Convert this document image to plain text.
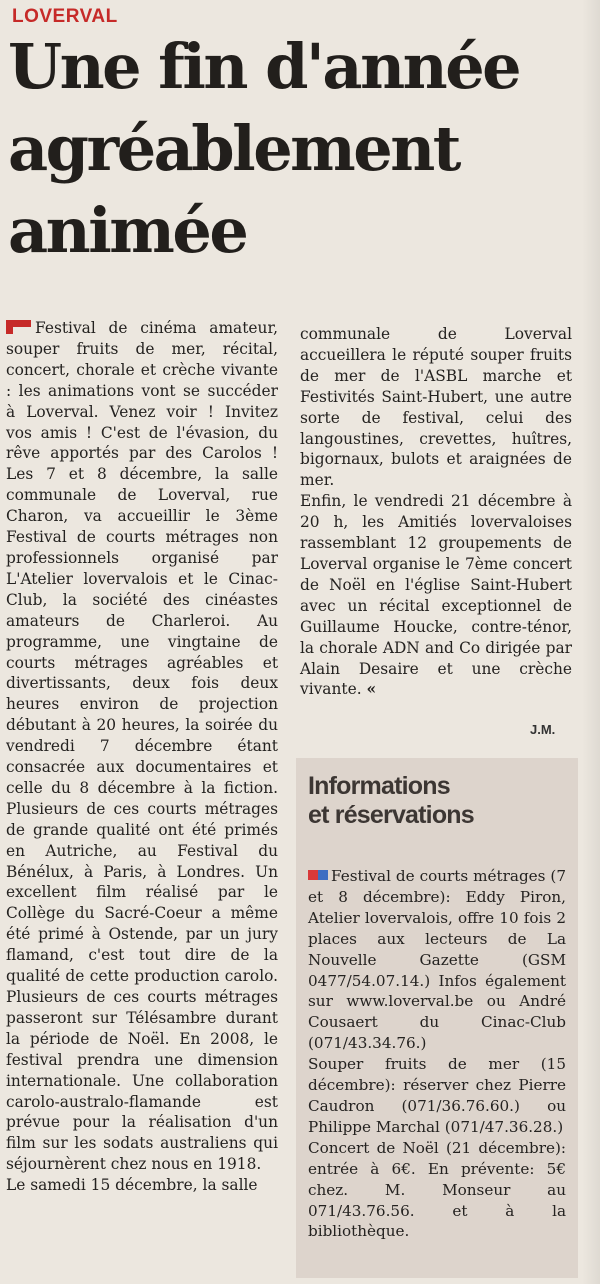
LOVERVAL
Une fin d'année
agréablement
animée

Festival de cinéma amateur, souper fruits de mer, récital, concert, chorale et crèche vivante : les animations vont se succéder à Loverval. Venez voir ! Invitez vos amis ! C'est de l'évasion, du rêve apportés par des Carolos ! Les 7 et 8 décembre, la salle communale de Loverval, rue Charon, va accueillir le 3ème Festival de courts métrages non professionnels organisé par L'Atelier lovervalois et le Cinac-Club, la société des cinéastes amateurs de Charleroi. Au programme, une vingtaine de courts métrages agréables et divertissants, deux fois deux heures environ de projection débutant à 20 heures, la soirée du vendredi 7 décembre étant consacrée aux documentaires et celle du 8 décembre à la fiction. Plusieurs de ces courts métrages de grande qualité ont été primés en Autriche, au Festival du Bénélux, à Paris, à Londres. Un excellent film réalisé par le Collège du Sacré-Coeur a même été primé à Ostende, par un jury flamand, c'est tout dire de la qualité de cette production carolo. Plusieurs de ces courts métrages passeront sur Télésambre durant la période de Noël. En 2008, le festival prendra une dimension internationale. Une collaboration carolo-australo-flamande est prévue pour la réalisation d'un film sur les sodats australiens qui séjournèrent chez nous en 1918.

Le samedi 15 décembre, la salle

communale de Loverval accueillera le réputé souper fruits de mer de l'ASBL marche et Festivités Saint-Hubert, une autre sorte de festival, celui des langoustines, crevettes, huîtres, bigornaux, bulots et araignées de mer.

Enfin, le vendredi 21 décembre à 20 h, les Amitiés lovervaloises rassemblant 12 groupements de Loverval organise le 7ème concert de Noël en l'église Saint-Hubert avec un récital exceptionnel de Guillaume Houcke, contre-ténor, la chorale ADN and Co dirigée par Alain Desaire et une crèche vivante. «

J.M.
Informations
et réservations

Festival de courts métrages (7 et 8 décembre): Eddy Piron, Atelier lovervalois, offre 10 fois 2 places aux lecteurs de La Nouvelle Gazette (GSM 0477/54.07.14.) Infos également sur www.loverval.be ou André Cousaert du Cinac-Club (071/43.34.76.)

Souper fruits de mer (15 décembre): réserver chez Pierre Caudron (071/36.76.60.) ou Philippe Marchal (071/47.36.28.)

Concert de Noël (21 décembre): entrée à 6€. En prévente: 5€ chez. M. Monseur au 071/43.76.56. et à la bibliothèque.
